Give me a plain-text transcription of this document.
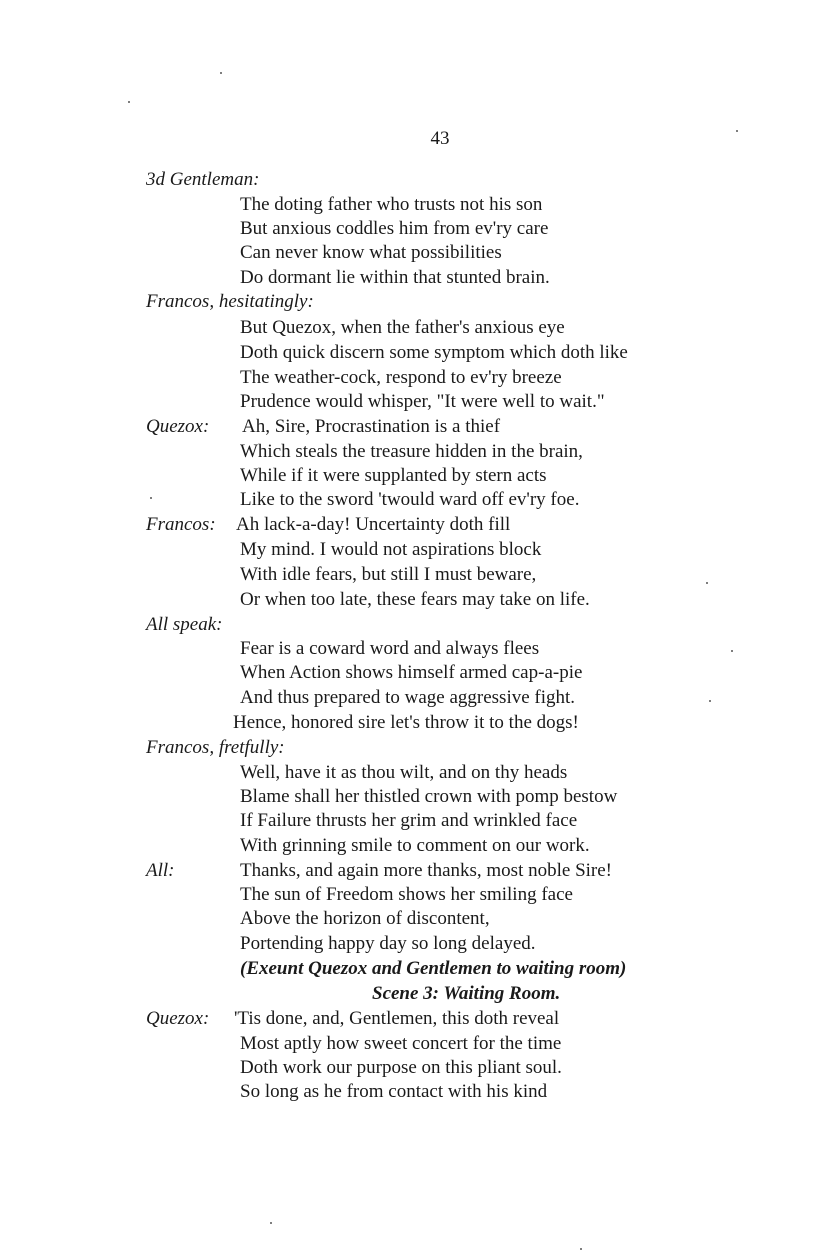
43
3d Gentleman:
The doting father who trusts not his son
But anxious coddles him from ev'ry care
Can never know what possibilities
Do dormant lie within that stunted brain.
Francos, hesitatingly:
But Quezox, when the father's anxious eye
Doth quick discern some symptom which doth like
The weather-cock, respond to ev'ry breeze
Prudence would whisper, "It were well to wait."
Quezox: Ah, Sire, Procrastination is a thief
Which steals the treasure hidden in the brain,
While if it were supplanted by stern acts
Like to the sword 'twould ward off ev'ry foe.
Francos: Ah lack-a-day! Uncertainty doth fill
My mind. I would not aspirations block
With idle fears, but still I must beware,
Or when too late, these fears may take on life.
All speak:
Fear is a coward word and always flees
When Action shows himself armed cap-a-pie
And thus prepared to wage aggressive fight.
Hence, honored sire let's throw it to the dogs!
Francos, fretfully:
Well, have it as thou wilt, and on thy heads
Blame shall her thistled crown with pomp bestow
If Failure thrusts her grim and wrinkled face
With grinning smile to comment on our work.
All:	Thanks, and again more thanks, most noble Sire!
The sun of Freedom shows her smiling face
Above the horizon of discontent,
Portending happy day so long delayed.
(Exeunt Quezox and Gentlemen to waiting room)
Scene 3: Waiting Room.
Quezox: 'Tis done, and, Gentlemen, this doth reveal
Most aptly how sweet concert for the time
Doth work our purpose on this pliant soul.
So long as he from contact with his kind
